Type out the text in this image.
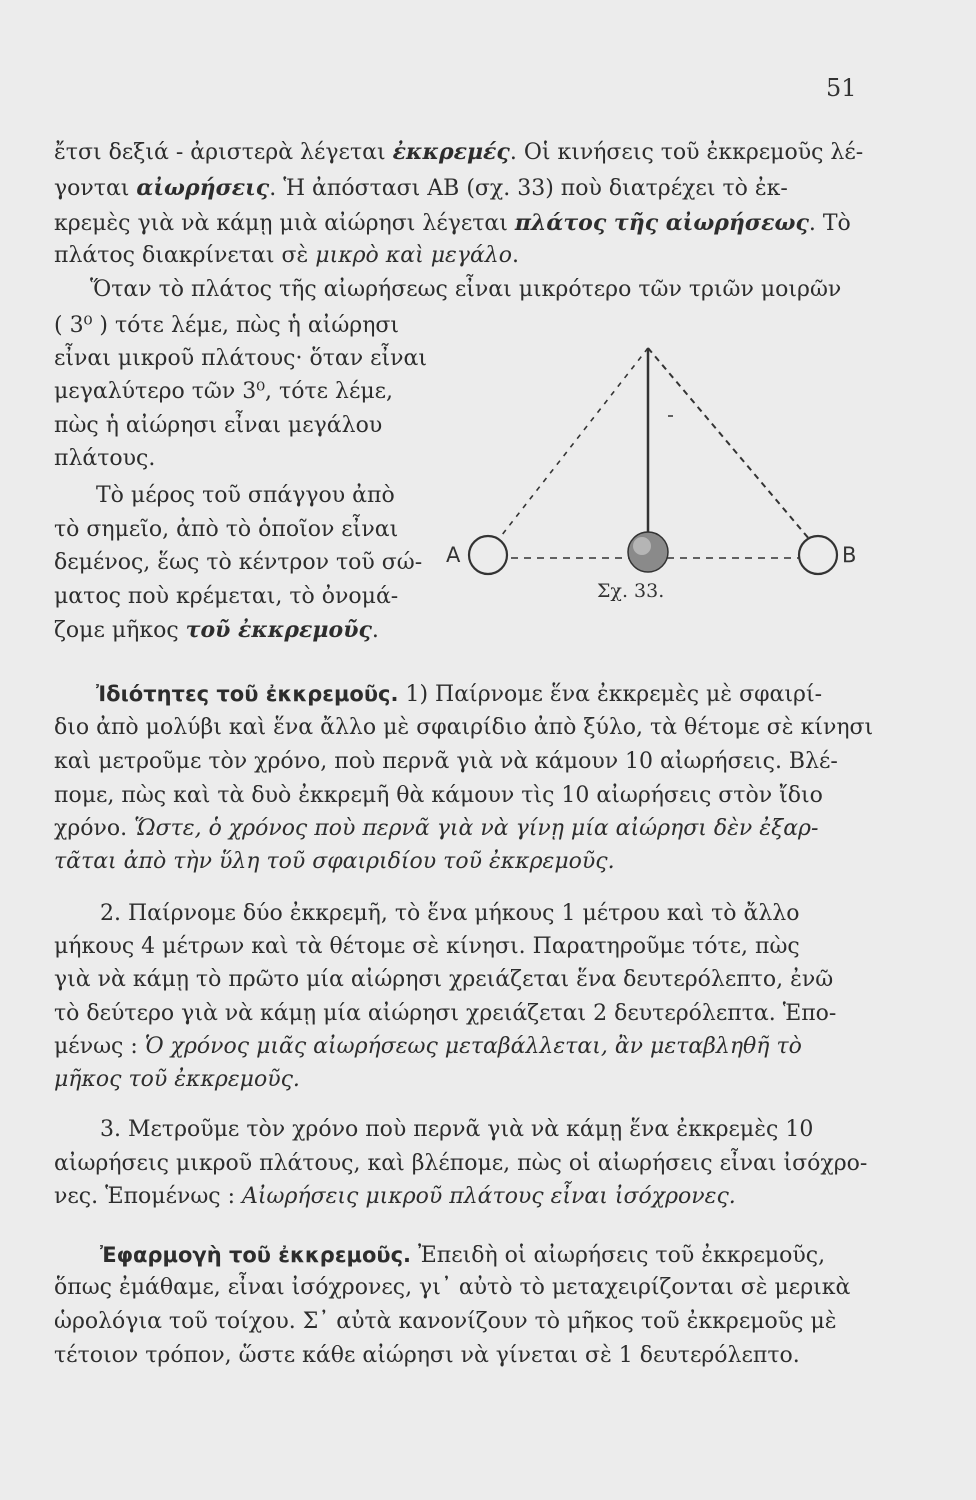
51
ἔτσι δεξιά - ἀριστερὰ λέγεται ἐκκρεμές. Οἱ κινήσεις τοῦ ἐκκρεμοῦς λέ-
γονται αἰωρήσεις. Ἡ ἀπόστασι ΑΒ (σχ. 33) ποὺ διατρέχει τὸ ἐκ-
κρεμὲς γιὰ νὰ κάμῃ μιὰ αἰώρησι λέγεται πλάτος τῆς αἰωρήσεως. Τὸ
πλάτος διακρίνεται σὲ μικρὸ καὶ μεγάλο.
Ὅταν τὸ πλάτος τῆς αἰωρήσεως εἶναι μικρότερο τῶν τριῶν μοιρῶν
( 3⁰ ) τότε λέμε, πὼς ἡ αἰώρησι
εἶναι μικροῦ πλάτους· ὅταν εἶναι
μεγαλύτερο τῶν 3⁰, τότε λέμε,
πὼς ἡ αἰώρησι εἶναι μεγάλου
πλάτους.
Τὸ μέρος τοῦ σπάγγου ἀπὸ
τὸ σημεῖο, ἀπὸ τὸ ὁποῖον εἶναι
δεμένος, ἕως τὸ κέντρον τοῦ σώ-
ματος ποὺ κρέμεται, τὸ ὀνομά-
ζομε μῆκος τοῦ ἐκκρεμοῦς.
Α	Β
Σχ. 33.
Ἰδιότητες τοῦ ἐκκρεμοῦς. 1) Παίρνομε ἕνα ἐκκρεμὲς μὲ σφαιρί-
διο ἀπὸ μολύβι καὶ ἕνα ἄλλο μὲ σφαιρίδιο ἀπὸ ξύλο, τὰ θέτομε σὲ κίνησι
καὶ μετροῦμε τὸν χρόνο, ποὺ περνᾶ γιὰ νὰ κάμουν 10 αἰωρήσεις. Βλέ-
πομε, πὼς καὶ τὰ δυὸ ἐκκρεμῆ θὰ κάμουν τὶς 10 αἰωρήσεις στὸν ἴδιο
χρόνο. Ὥστε, ὁ χρόνος ποὺ περνᾶ γιὰ νὰ γίνῃ μία αἰώρησι δὲν ἐξαρ-
τᾶται ἀπὸ τὴν ὕλη τοῦ σφαιριδίου τοῦ ἐκκρεμοῦς.
2. Παίρνομε δύο ἐκκρεμῆ, τὸ ἕνα μήκους 1 μέτρου καὶ τὸ ἄλλο
μήκους 4 μέτρων καὶ τὰ θέτομε σὲ κίνησι. Παρατηροῦμε τότε, πὼς
γιὰ νὰ κάμῃ τὸ πρῶτο μία αἰώρησι χρειάζεται ἕνα δευτερόλεπτο, ἐνῶ
τὸ δεύτερο γιὰ νὰ κάμῃ μία αἰώρησι χρειάζεται 2 δευτερόλεπτα. Ἑπο-
μένως : Ὁ χρόνος μιᾶς αἰωρήσεως μεταβάλλεται, ἂν μεταβληθῆ τὸ
μῆκος τοῦ ἐκκρεμοῦς.
3. Μετροῦμε τὸν χρόνο ποὺ περνᾶ γιὰ νὰ κάμῃ ἕνα ἐκκρεμὲς 10
αἰωρήσεις μικροῦ πλάτους, καὶ βλέπομε, πὼς οἱ αἰωρήσεις εἶναι ἰσόχρο-
νες. Ἑπομένως : Αἰωρήσεις μικροῦ πλάτους εἶναι ἰσόχρονες.
Ἐφαρμογὴ τοῦ ἐκκρεμοῦς. Ἐπειδὴ οἱ αἰωρήσεις τοῦ ἐκκρεμοῦς,
ὅπως ἐμάθαμε, εἶναι ἰσόχρονες, γι᾿ αὐτὸ τὸ μεταχειρίζονται σὲ μερικὰ
ὡρολόγια τοῦ τοίχου. Σ᾿ αὐτὰ κανονίζουν τὸ μῆκος τοῦ ἐκκρεμοῦς μὲ
τέτοιον τρόπον, ὥστε κάθε αἰώρησι νὰ γίνεται σὲ 1 δευτερόλεπτο.
